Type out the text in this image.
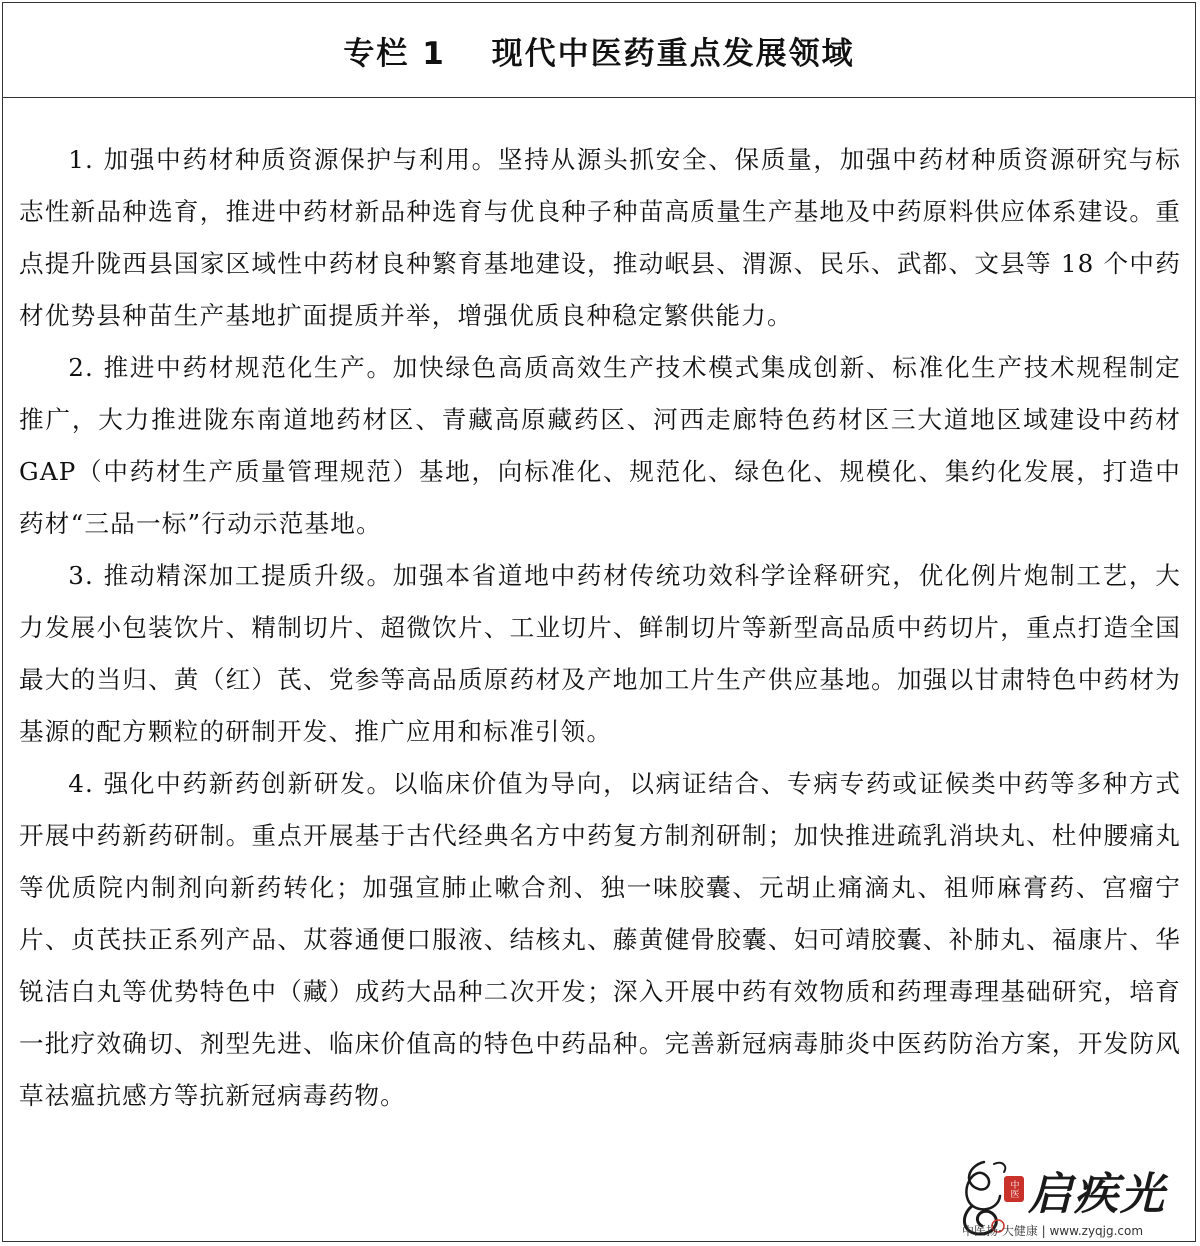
专栏 1　 现代中医药重点发展领域

1. 加强中药材种质资源保护与利用。坚持从源头抓安全、保质量，加强中药材种质资源研究与标志性新品种选育，推进中药材新品种选育与优良种子种苗高质量生产基地及中药原料供应体系建设。重点提升陇西县国家区域性中药材良种繁育基地建设，推动岷县、渭源、民乐、武都、文县等 18 个中药材优势县种苗生产基地扩面提质并举，增强优质良种稳定繁供能力。

2. 推进中药材规范化生产。加快绿色高质高效生产技术模式集成创新、标准化生产技术规程制定推广，大力推进陇东南道地药材区、青藏高原藏药区、河西走廊特色药材区三大道地区域建设中药材 GAP（中药材生产质量管理规范）基地，向标准化、规范化、绿色化、规模化、集约化发展，打造中药材“三品一标”行动示范基地。

3. 推动精深加工提质升级。加强本省道地中药材传统功效科学诠释研究，优化例片炮制工艺，大力发展小包装饮片、精制切片、超微饮片、工业切片、鲜制切片等新型高品质中药切片，重点打造全国最大的当归、黄（红）芪、党参等高品质原药材及产地加工片生产供应基地。加强以甘肃特色中药材为基源的配方颗粒的研制开发、推广应用和标准引领。

4. 强化中药新药创新研发。以临床价值为导向，以病证结合、专病专药或证候类中药等多种方式开展中药新药研制。重点开展基于古代经典名方中药复方制剂研制；加快推进疏乳消块丸、杜仲腰痛丸等优质院内制剂向新药转化；加强宣肺止嗽合剂、独一味胶囊、元胡止痛滴丸、祖师麻膏药、宫瘤宁片、贞芪扶正系列产品、苁蓉通便口服液、结核丸、藤黄健骨胶囊、妇可靖胶囊、补肺丸、福康片、华锐洁白丸等优势特色中（藏）成药大品种二次开发；深入开展中药有效物质和药理毒理基础研究，培育一批疗效确切、剂型先进、临床价值高的特色中药品种。完善新冠病毒肺炎中医药防治方案，开发防风草祛瘟抗感方等抗新冠病毒药物。

中医 启疾光
中医扬·大健康 | www.zyqjg.com
